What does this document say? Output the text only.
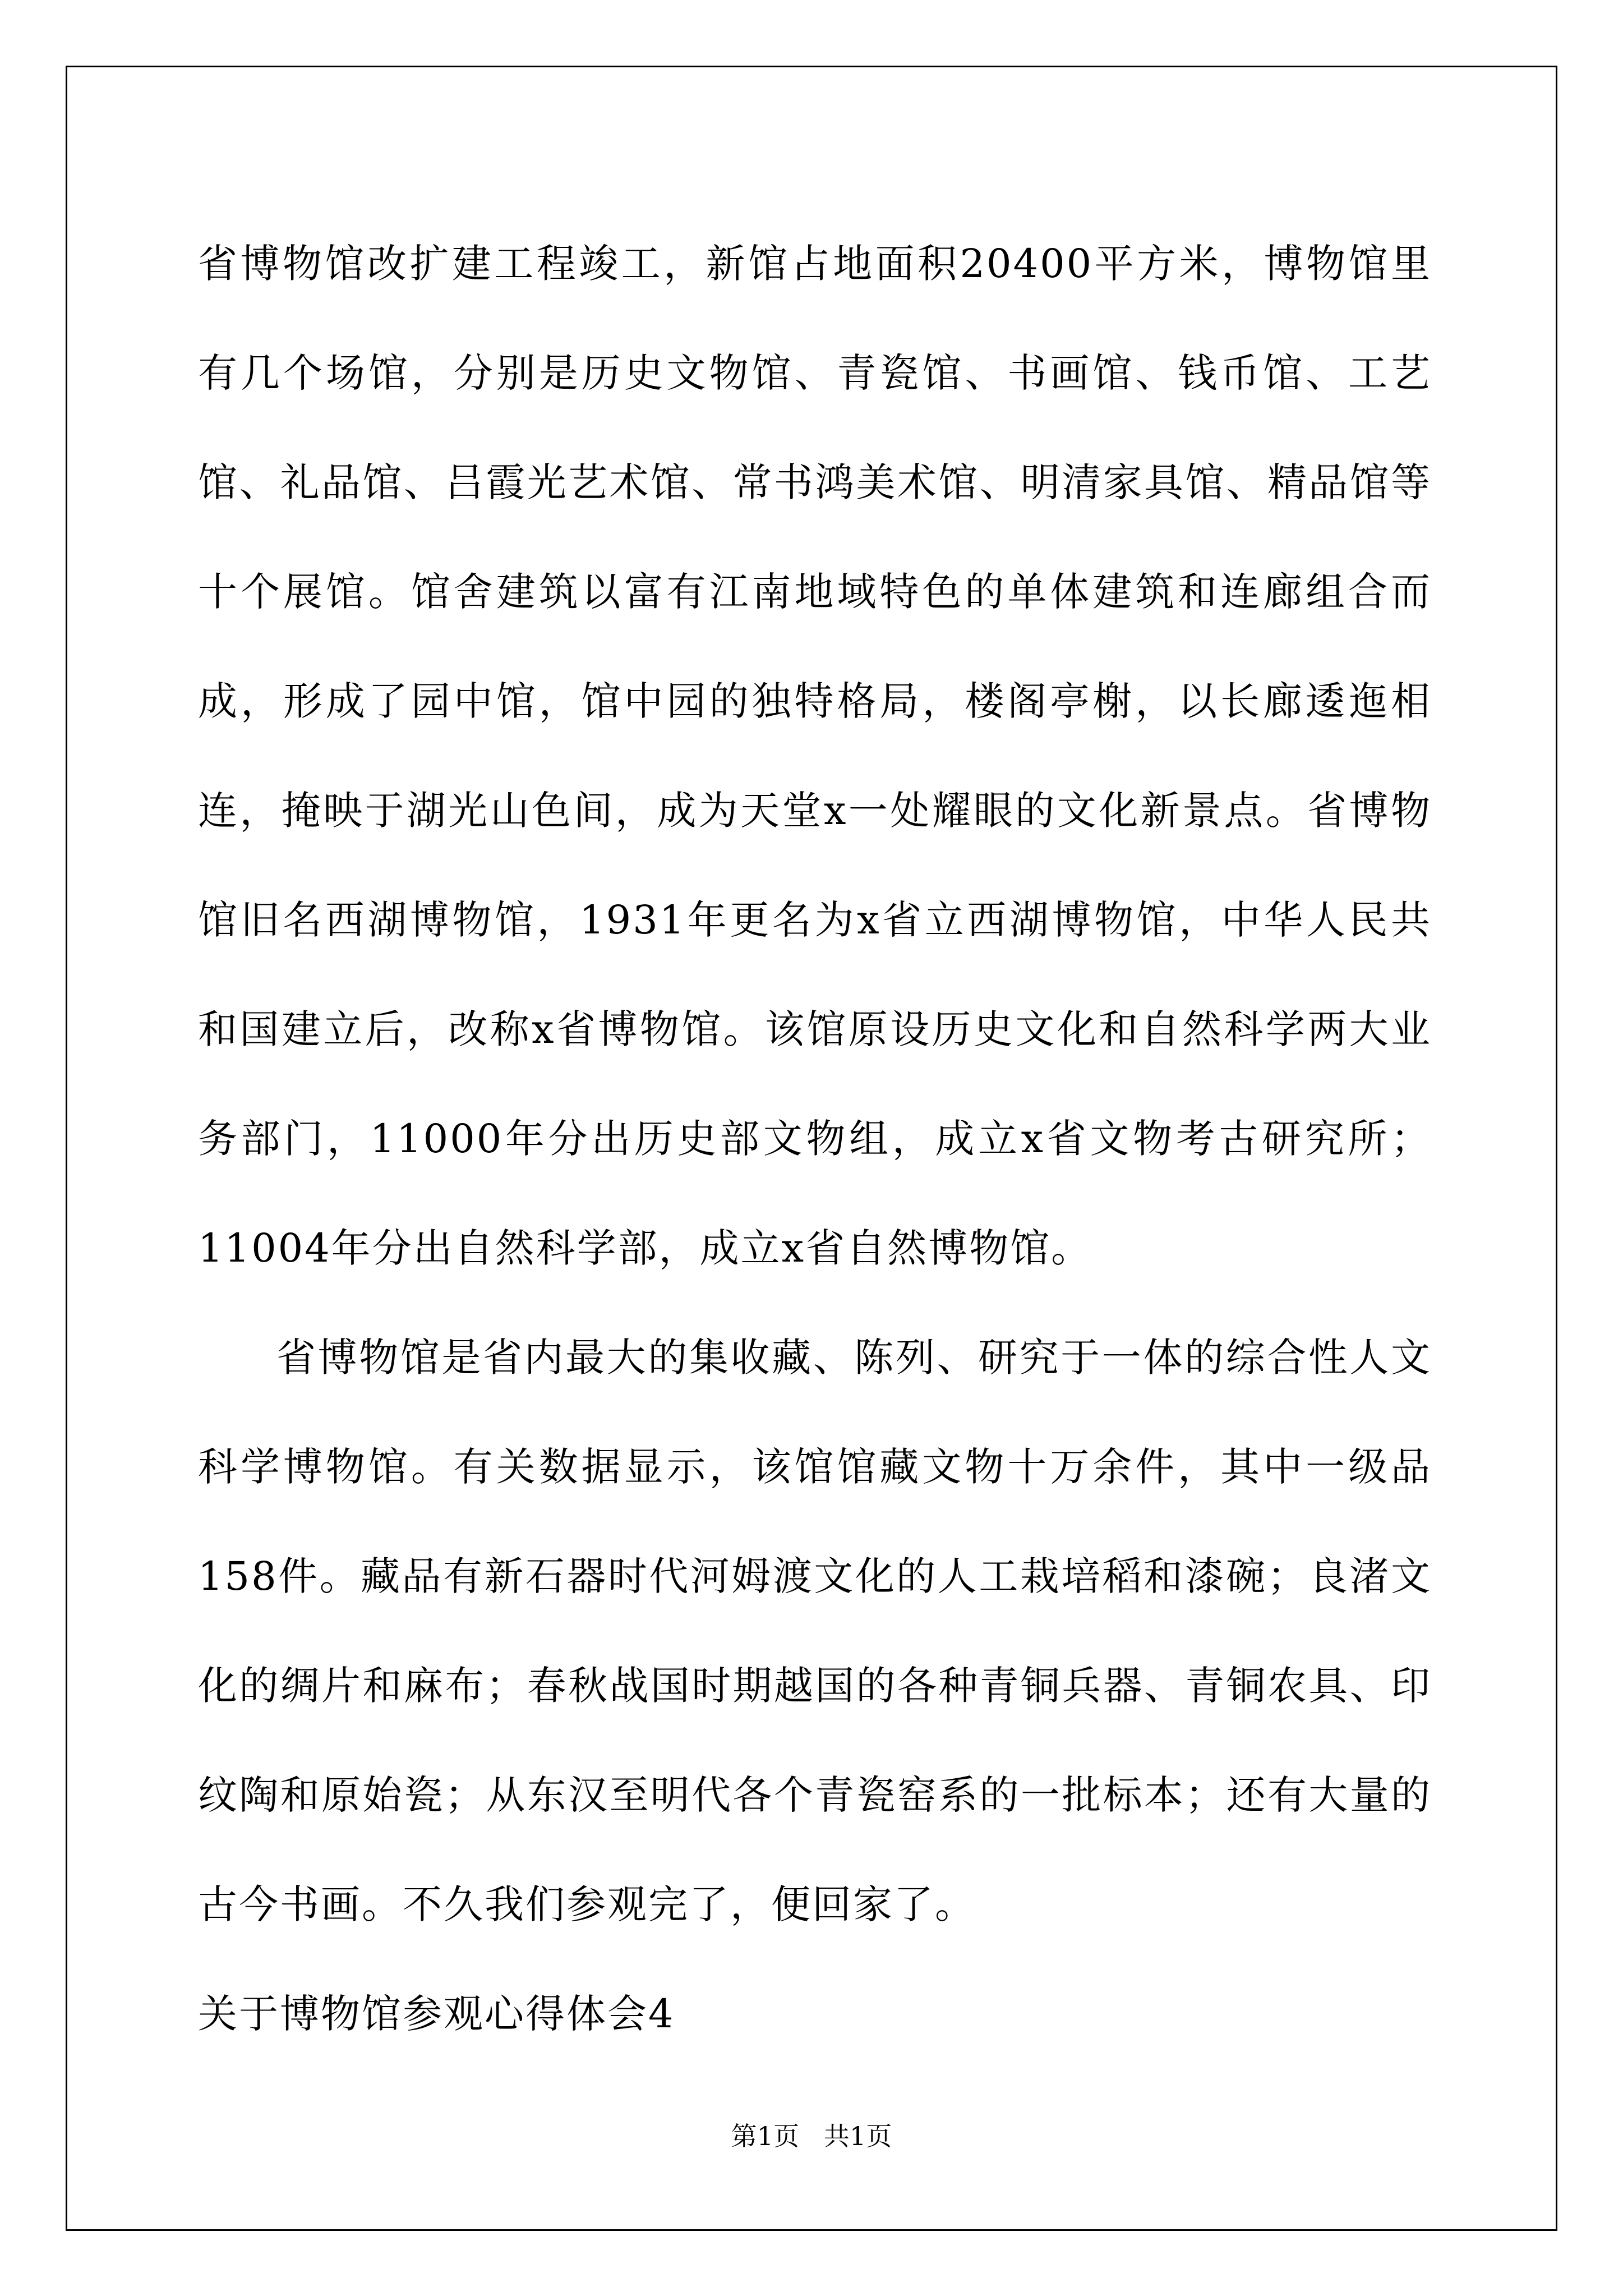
省博物馆改扩建工程竣工，新馆占地面积20400平方米，博物馆里有几个场馆，分别是历史文物馆、青瓷馆、书画馆、钱币馆、工艺馆、礼品馆、吕霞光艺术馆、常书鸿美术馆、明清家具馆、精品馆等十个展馆。馆舍建筑以富有江南地域特色的单体建筑和连廊组合而成，形成了园中馆，馆中园的独特格局，楼阁亭榭，以长廊逶迤相连，掩映于湖光山色间，成为天堂x一处耀眼的文化新景点。省博物馆旧名西湖博物馆，1931年更名为x省立西湖博物馆，中华人民共和国建立后，改称x省博物馆。该馆原设历史文化和自然科学两大业务部门，11000年分出历史部文物组，成立x省文物考古研究所；11004年分出自然科学部，成立x省自然博物馆。

省博物馆是省内最大的集收藏、陈列、研究于一体的综合性人文科学博物馆。有关数据显示，该馆馆藏文物十万余件，其中一级品158件。藏品有新石器时代河姆渡文化的人工栽培稻和漆碗；良渚文化的绸片和麻布；春秋战国时期越国的各种青铜兵器、青铜农具、印纹陶和原始瓷；从东汉至明代各个青瓷窑系的一批标本；还有大量的古今书画。不久我们参观完了，便回家了。

关于博物馆参观心得体会4

第1页   共1页
